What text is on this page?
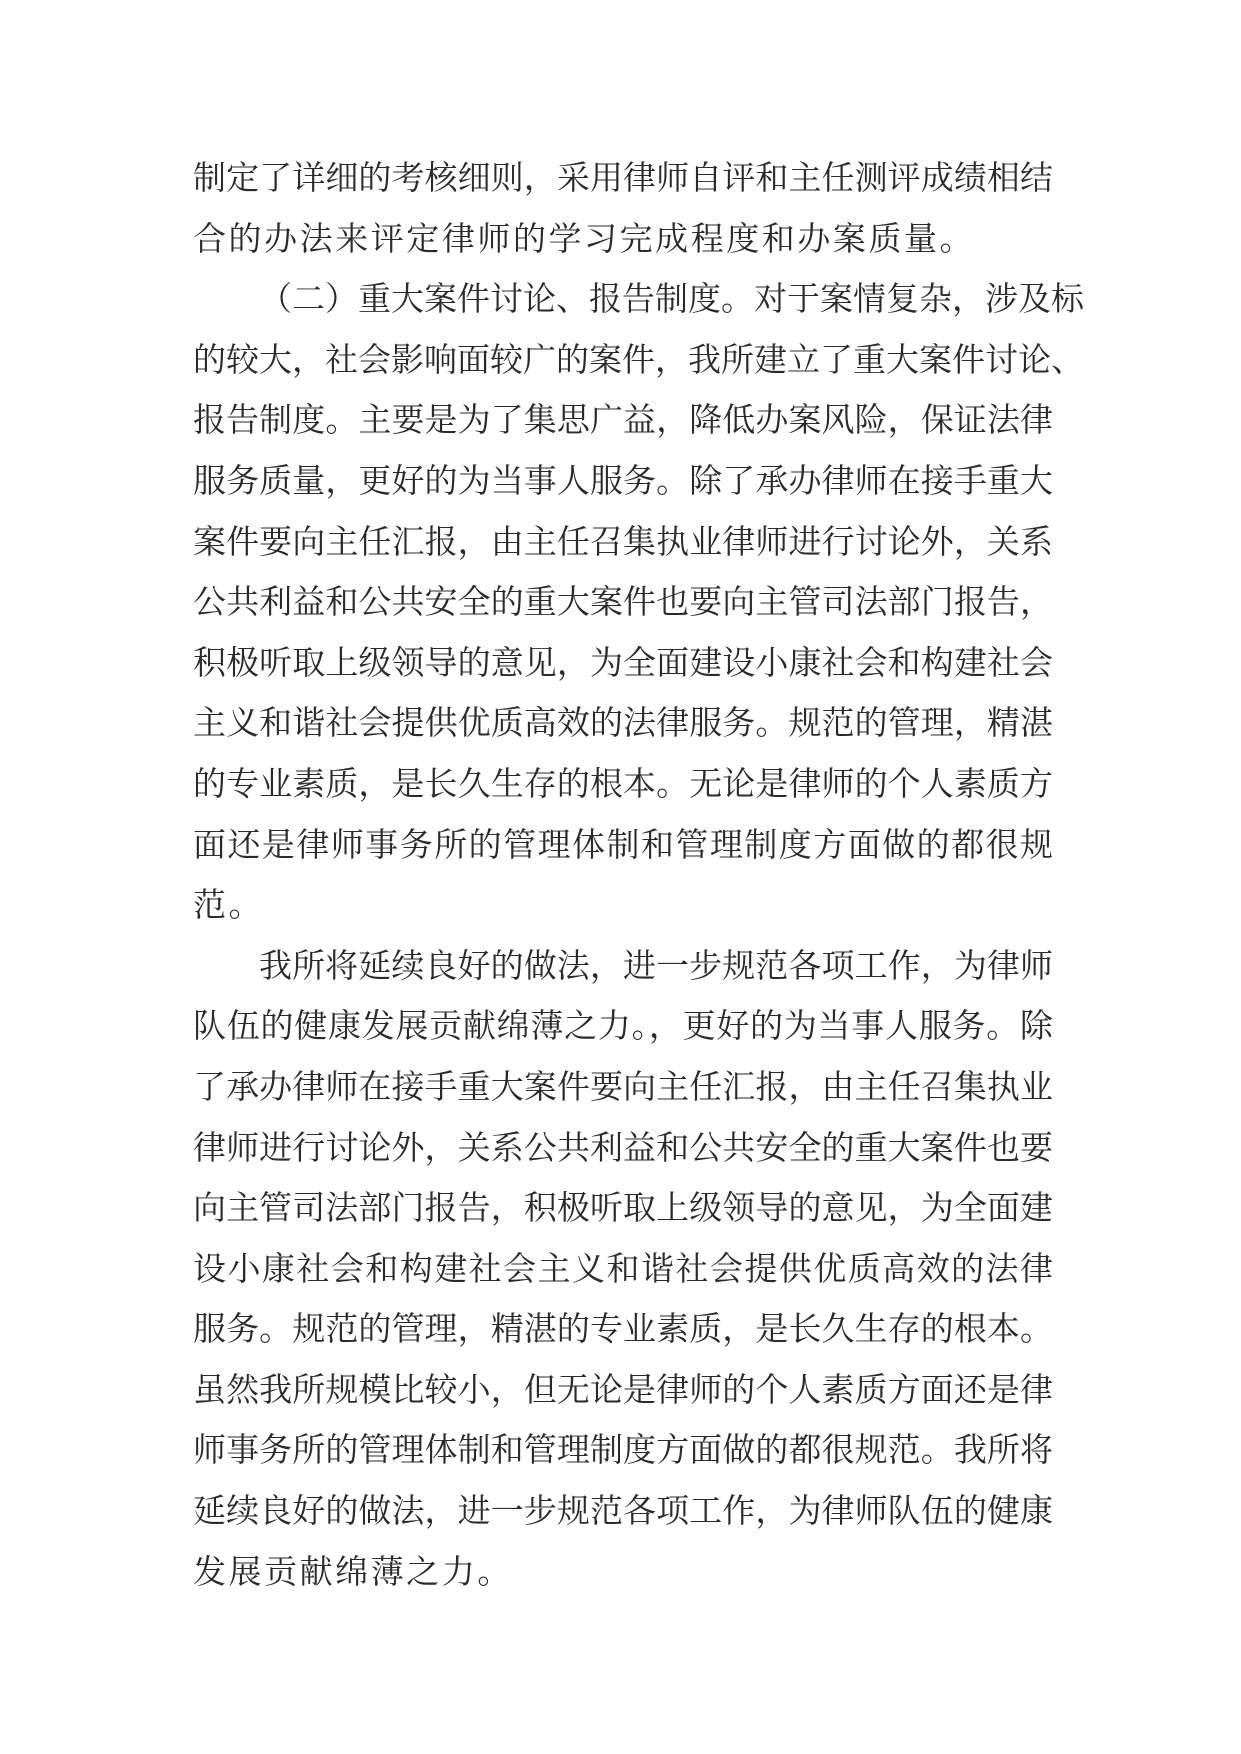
制定了详细的考核细则，采用律师自评和主任测评成绩相结
合的办法来评定律师的学习完成程度和办案质量。
（二）重大案件讨论、报告制度。对于案情复杂，涉及标
的较大，社会影响面较广的案件，我所建立了重大案件讨论、
报告制度。主要是为了集思广益，降低办案风险，保证法律
服务质量，更好的为当事人服务。除了承办律师在接手重大
案件要向主任汇报，由主任召集执业律师进行讨论外，关系
公共利益和公共安全的重大案件也要向主管司法部门报告，
积极听取上级领导的意见，为全面建设小康社会和构建社会
主义和谐社会提供优质高效的法律服务。规范的管理，精湛
的专业素质，是长久生存的根本。无论是律师的个人素质方
面还是律师事务所的管理体制和管理制度方面做的都很规
范。
我所将延续良好的做法，进一步规范各项工作，为律师
队伍的健康发展贡献绵薄之力。，更好的为当事人服务。除
了承办律师在接手重大案件要向主任汇报，由主任召集执业
律师进行讨论外，关系公共利益和公共安全的重大案件也要
向主管司法部门报告，积极听取上级领导的意见，为全面建
设小康社会和构建社会主义和谐社会提供优质高效的法律
服务。规范的管理，精湛的专业素质，是长久生存的根本。
虽然我所规模比较小，但无论是律师的个人素质方面还是律
师事务所的管理体制和管理制度方面做的都很规范。我所将
延续良好的做法，进一步规范各项工作，为律师队伍的健康
发展贡献绵薄之力。
